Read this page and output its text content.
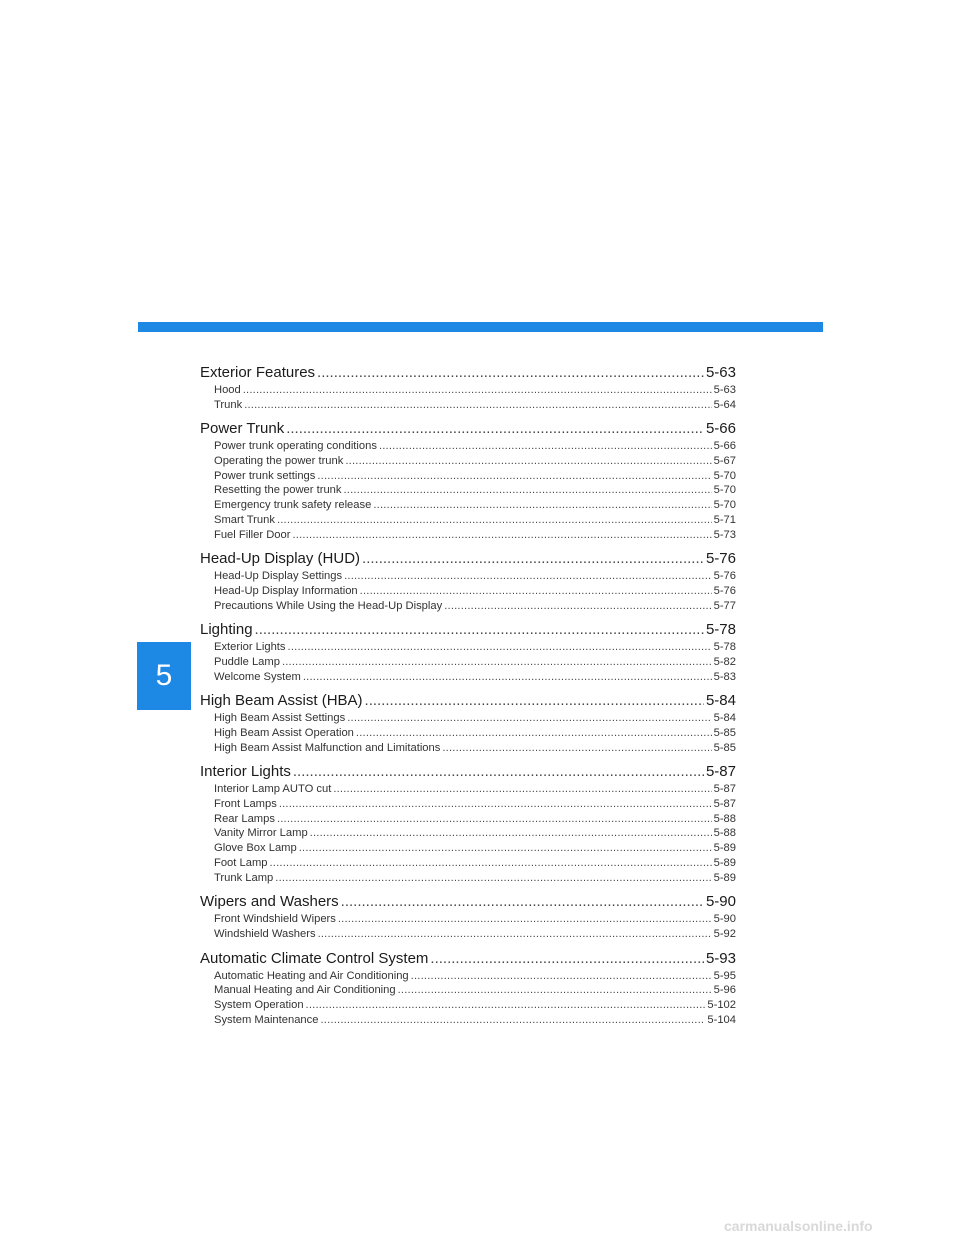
5
Exterior Features .....	5-63
Hood .....	5-63
Trunk .....	5-64
Power Trunk .....	5-66
Power trunk operating conditions .....	5-66
Operating the power trunk .....	5-67
Power trunk settings .....	5-70
Resetting the power trunk .....	5-70
Emergency trunk safety release .....	5-70
Smart Trunk .....	5-71
Fuel Filler Door .....	5-73
Head-Up Display (HUD) .....	5-76
Head-Up Display Settings .....	5-76
Head-Up Display Information .....	5-76
Precautions While Using the Head-Up Display .....	5-77
Lighting .....	5-78
Exterior Lights .....	5-78
Puddle Lamp .....	5-82
Welcome System .....	5-83
High Beam Assist (HBA) .....	5-84
High Beam Assist Settings .....	5-84
High Beam Assist Operation .....	5-85
High Beam Assist Malfunction and Limitations .....	5-85
Interior Lights .....	5-87
Interior Lamp AUTO cut .....	5-87
Front Lamps .....	5-87
Rear Lamps .....	5-88
Vanity Mirror Lamp .....	5-88
Glove Box Lamp .....	5-89
Foot Lamp .....	5-89
Trunk Lamp .....	5-89
Wipers and Washers .....	5-90
Front Windshield Wipers .....	5-90
Windshield Washers .....	5-92
Automatic Climate Control System .....	5-93
Automatic Heating and Air Conditioning .....	5-95
Manual Heating and Air Conditioning .....	5-96
System Operation .....	5-102
System Maintenance .....	5-104
carmanualsonline.info
